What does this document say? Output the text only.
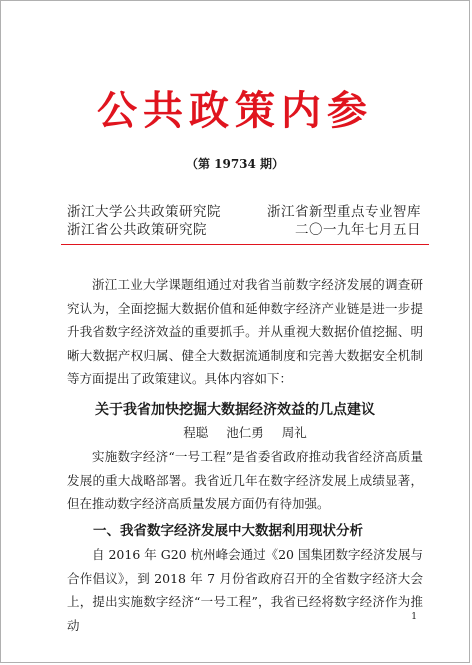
公共政策内参
（第 19734 期）
浙江大学公共政策研究院	浙江省新型重点专业智库
浙江省公共政策研究院	二〇一九年七月五日

浙江工业大学课题组通过对我省当前数字经济发展的调查研究认为，全面挖掘大数据价值和延伸数字经济产业链是进一步提升我省数字经济效益的重要抓手。并从重视大数据价值挖掘、明晰大数据产权归属、健全大数据流通制度和完善大数据安全机制等方面提出了政策建议。具体内容如下：

关于我省加快挖掘大数据经济效益的几点建议
程聪 池仁勇 周礼

实施数字经济“一号工程”是省委省政府推动我省经济高质量发展的重大战略部署。我省近几年在数字经济发展上成绩显著，但在推动数字经济高质量发展方面仍有待加强。

一、我省数字经济发展中大数据利用现状分析

自 2016 年 G20 杭州峰会通过《20 国集团数字经济发展与合作倡议》，到 2018 年 7 月份省政府召开的全省数字经济大会上，提出实施数字经济“一号工程”，我省已经将数字经济作为推动

1
